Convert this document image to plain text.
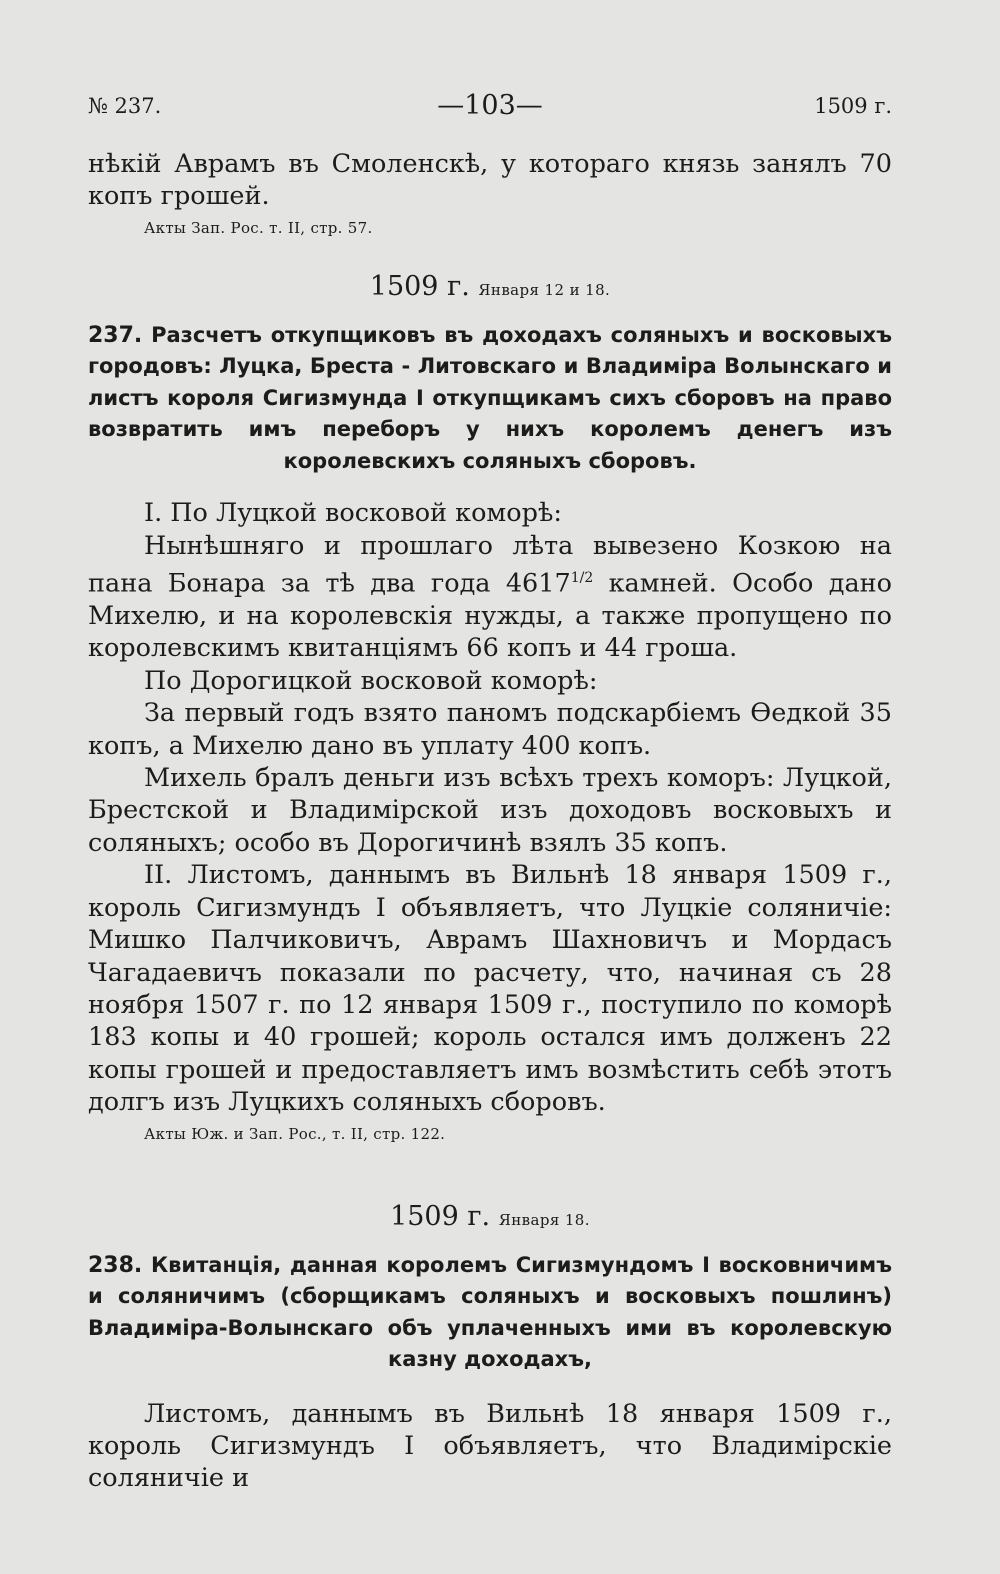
№ 237.	—103—	1509 г.

нѣкій Аврамъ въ Смоленскѣ, у котораго князь занялъ 70 копъ грошей.

Акты Зап. Рос. т. II, стр. 57.

1509 г. Января 12 и 18.

237. Разсчетъ откупщиковъ въ доходахъ соляныхъ и восковыхъ городовъ: Луцка, Бреста - Литовскаго и Владиміра Волынскаго и листъ короля Сигизмунда I откупщикамъ сихъ сборовъ на право возвратить имъ переборъ у нихъ королемъ денегъ изъ королевскихъ соляныхъ сборовъ.

I. По Луцкой восковой коморѣ:

Нынѣшняго и прошлаго лѣта вывезено Козкою на пана Бонара за тѣ два года $4617^{1/2}$ камней. Особо дано Михелю, и на королевскія нужды, а также пропущено по королевскимъ квитанціямъ 66 копъ и 44 гроша.

По Дорогицкой восковой коморѣ:

За первый годъ взято паномъ подскарбіемъ Ѳедкой 35 копъ, а Михелю дано въ уплату 400 копъ.

Михель бралъ деньги изъ всѣхъ трехъ коморъ: Луцкой, Брестской и Владимірской изъ доходовъ восковыхъ и соляныхъ; особо въ Дорогичинѣ взялъ 35 копъ.

II. Листомъ, даннымъ въ Вильнѣ 18 января 1509 г., король Сигизмундъ I объявляетъ, что Луцкіе соляничіе: Мишко Палчиковичъ, Аврамъ Шахновичъ и Мордасъ Чагадаевичъ показали по расчету, что, начиная съ 28 ноября 1507 г. по 12 января 1509 г., поступило по коморѣ 183 копы и 40 грошей; король остался имъ долженъ 22 копы грошей и предоставляетъ имъ возмѣстить себѣ этотъ долгъ изъ Луцкихъ соляныхъ сборовъ.

Акты Юж. и Зап. Рос., т. II, стр. 122.

1509 г. Января 18.

238. Квитанція, данная королемъ Сигизмундомъ I восковничимъ и соляничимъ (сборщикамъ соляныхъ и восковыхъ пошлинъ) Владиміра-Волынскаго объ уплаченныхъ ими въ королевскую казну доходахъ,

Листомъ, даннымъ въ Вильнѣ 18 января 1509 г., король Сигизмундъ I объявляетъ, что Владимірскіе соляничіе и
